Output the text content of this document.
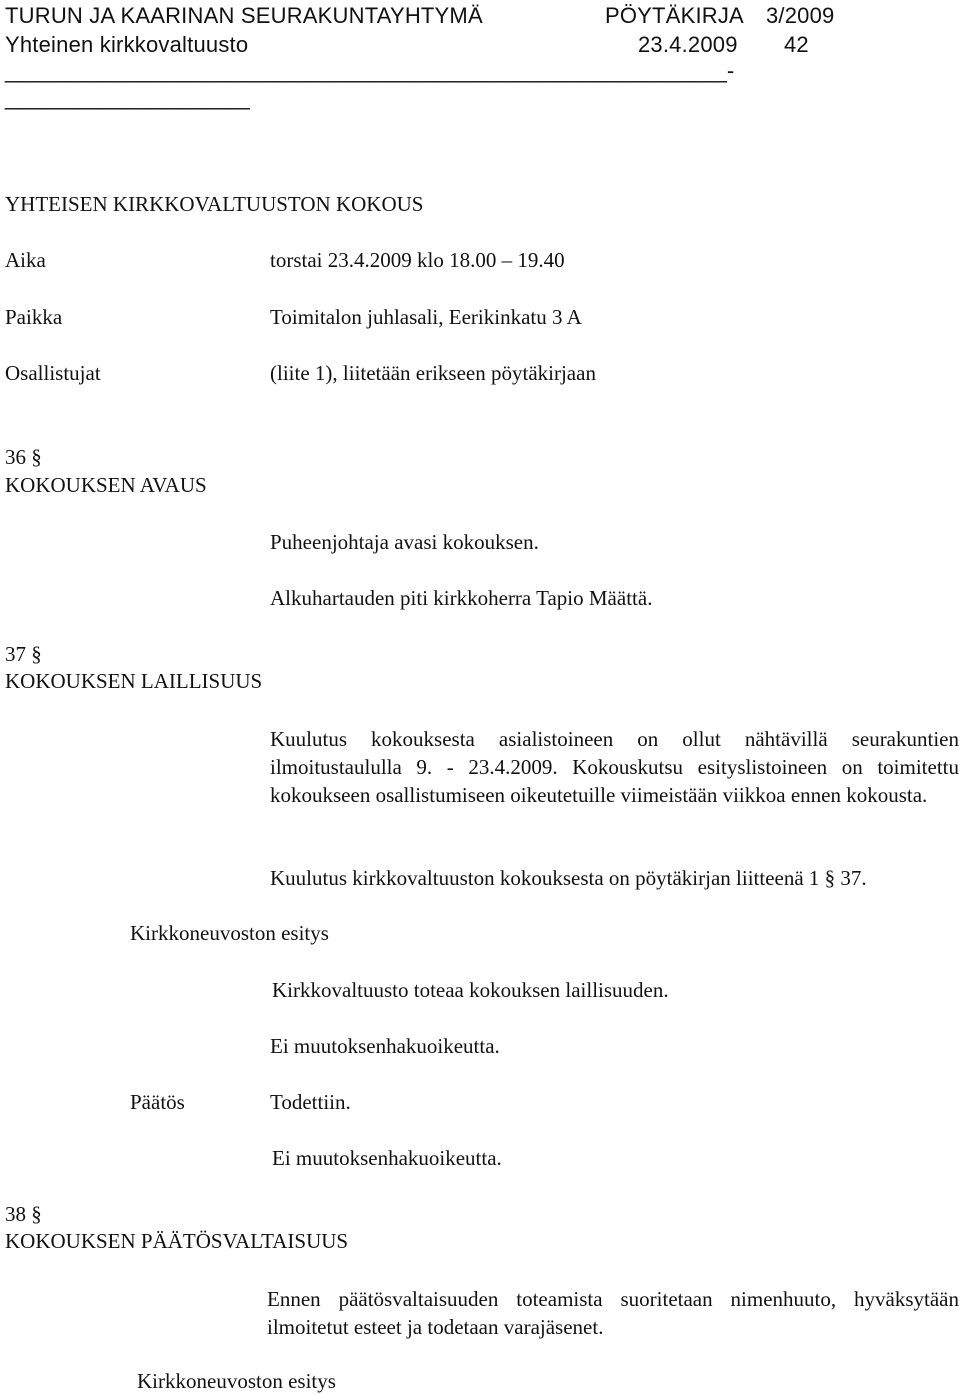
TURUN JA KAARINAN SEURAKUNTAYHTYMÄ	PÖYTÄKIRJA 3/2009
Yhteinen kirkkovaltuusto	23.4.2009 42
___________________________________________________________-
____________________
YHTEISEN KIRKKOVALTUUSTON KOKOUS
Aika	torstai 23.4.2009 klo 18.00 – 19.40
Paikka	Toimitalon juhlasali, Eerikinkatu 3 A
Osallistujat	(liite 1), liitetään erikseen pöytäkirjaan
36 §
KOKOUKSEN AVAUS
Puheenjohtaja avasi kokouksen.
Alkuhartauden piti kirkkoherra Tapio Määttä.
37 §
KOKOUKSEN LAILLISUUS
Kuulutus kokouksesta asialistoineen on ollut nähtävillä seurakuntien ilmoitustaululla 9. - 23.4.2009. Kokouskutsu esityslistoineen on toimitettu kokoukseen osallistumiseen oikeutetuille viimeistään viikkoa ennen kokousta.
Kuulutus kirkkovaltuuston kokouksesta on pöytäkirjan liitteenä 1 § 37.
Kirkkoneuvoston esitys
Kirkkovaltuusto toteaa kokouksen laillisuuden.
Ei muutoksenhakuoikeutta.
Päätös	Todettiin.
Ei muutoksenhakuoikeutta.
38 §
KOKOUKSEN PÄÄTÖSVALTAISUUS
Ennen päätösvaltaisuuden toteamista suoritetaan nimenhuuto, hyväksytään ilmoitetut esteet ja todetaan varajäsenet.
Kirkkoneuvoston esitys
